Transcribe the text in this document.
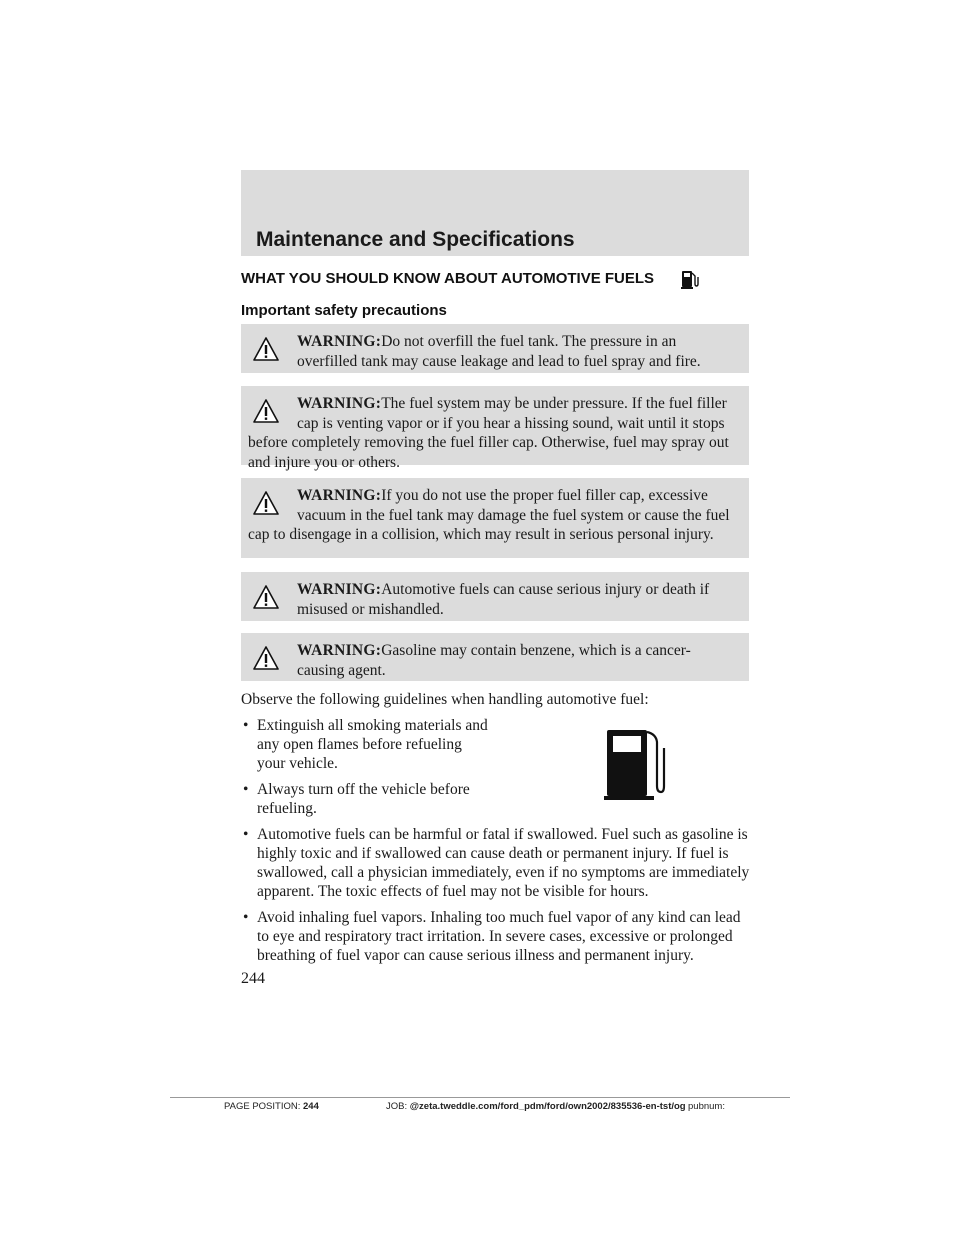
Maintenance and Specifications
WHAT YOU SHOULD KNOW ABOUT AUTOMOTIVE FUELS
Important safety precautions

WARNING:Do not overfill the fuel tank. The pressure in an overfilled tank may cause leakage and lead to fuel spray and fire.

WARNING:The fuel system may be under pressure. If the fuel filler cap is venting vapor or if you hear a hissing sound, wait until it stops before completely removing the fuel filler cap. Otherwise, fuel may spray out and injure you or others.

WARNING:If you do not use the proper fuel filler cap, excessive vacuum in the fuel tank may damage the fuel system or cause the fuel cap to disengage in a collision, which may result in serious personal injury.

WARNING:Automotive fuels can cause serious injury or death if misused or mishandled.

WARNING:Gasoline may contain benzene, which is a cancer-causing agent.

Observe the following guidelines when handling automotive fuel:
• Extinguish all smoking materials and any open flames before refueling your vehicle.
• Always turn off the vehicle before refueling.
• Automotive fuels can be harmful or fatal if swallowed. Fuel such as gasoline is highly toxic and if swallowed can cause death or permanent injury. If fuel is swallowed, call a physician immediately, even if no symptoms are immediately apparent. The toxic effects of fuel may not be visible for hours.
• Avoid inhaling fuel vapors. Inhaling too much fuel vapor of any kind can lead to eye and respiratory tract irritation. In severe cases, excessive or prolonged breathing of fuel vapor can cause serious illness and permanent injury.
244
PAGE POSITION: 244	JOB: @zeta.tweddle.com/ford_pdm/ford/own2002/835536-en-tst/og pubnum:
